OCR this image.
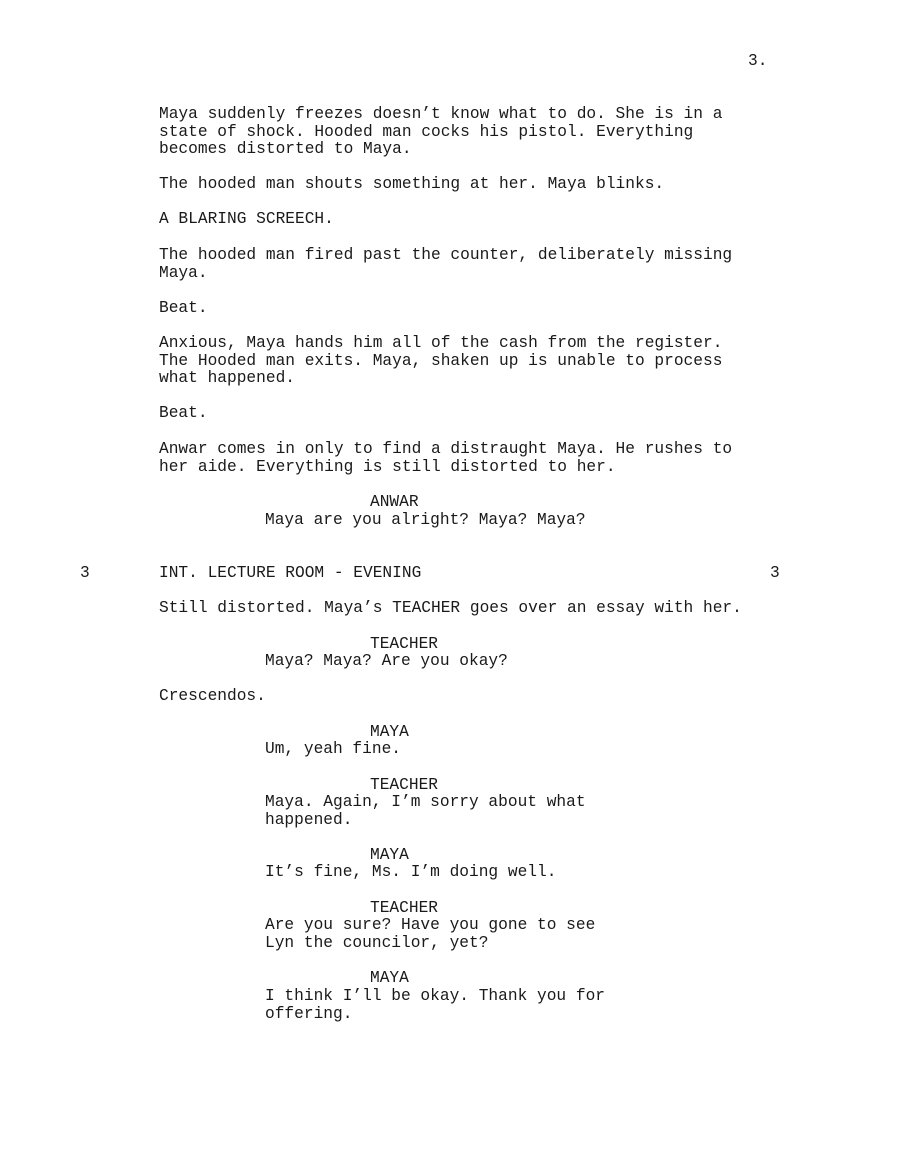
3.
Maya suddenly freezes doesn’t know what to do. She is in a
state of shock. Hooded man cocks his pistol. Everything
becomes distorted to Maya.
The hooded man shouts something at her. Maya blinks.
A BLARING SCREECH.
The hooded man fired past the counter, deliberately missing
Maya.
Beat.
Anxious, Maya hands him all of the cash from the register.
The Hooded man exits. Maya, shaken up is unable to process
what happened.
Beat.
Anwar comes in only to find a distraught Maya. He rushes to
her aide. Everything is still distorted to her.
ANWAR
Maya are you alright? Maya? Maya?
3	INT. LECTURE ROOM - EVENING	3
Still distorted. Maya’s TEACHER goes over an essay with her.
TEACHER
Maya? Maya? Are you okay?
Crescendos.
MAYA
Um, yeah fine.
TEACHER
Maya. Again, I’m sorry about what
happened.
MAYA
It’s fine, Ms. I’m doing well.
TEACHER
Are you sure? Have you gone to see
Lyn the councilor, yet?
MAYA
I think I’ll be okay. Thank you for
offering.
